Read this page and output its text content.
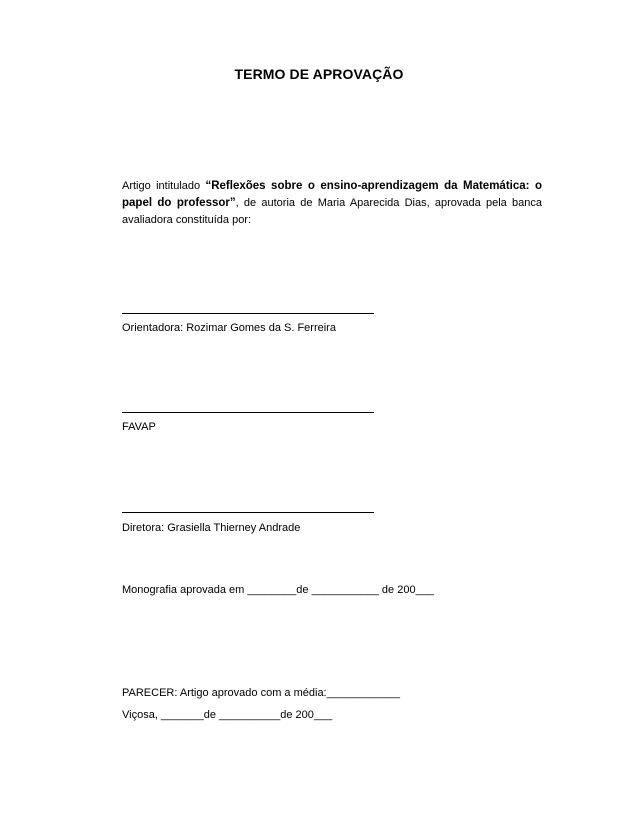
TERMO DE APROVAÇÃO
Artigo intitulado “Reflexões sobre o ensino-aprendizagem da Matemática: o papel do professor”, de autoria de Maria Aparecida Dias, aprovada pela banca avaliadora constituída por:
Orientadora: Rozimar Gomes da S. Ferreira
FAVAP
Diretora: Grasiella Thierney Andrade
Monografia aprovada em ________de ___________ de 200___
PARECER: Artigo aprovado com a média:____________
Viçosa, _______de __________de 200___
